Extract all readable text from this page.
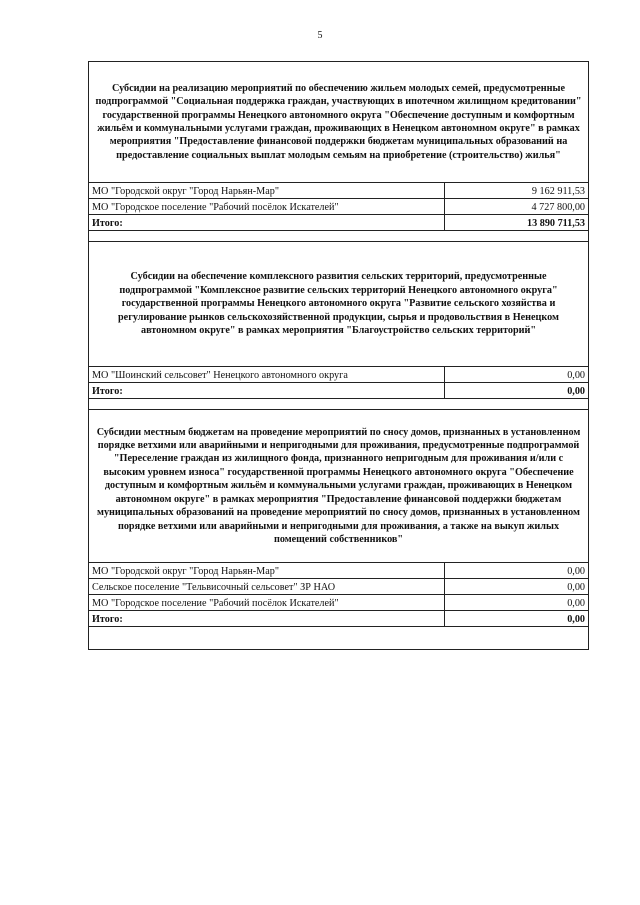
5
Субсидии на реализацию мероприятий по обеспечению жильем молодых семей, предусмотренные подпрограммой "Социальная поддержка граждан, участвующих в ипотечном жилищном кредитовании" государственной программы Ненецкого автономного округа "Обеспечение доступным и комфортным жильём и коммунальными услугами граждан, проживающих в Ненецком автономном округе" в рамках мероприятия "Предоставление финансовой поддержки бюджетам муниципальных образований на предоставление социальных выплат молодым семьям на приобретение (строительство) жилья"	
МО "Городской округ "Город Нарьян-Мар"	9 162 911,53
МО "Городское поселение "Рабочий посёлок Искателей"	4 727 800,00
Итого:	13 890 711,53

Субсидии на обеспечение комплексного развития сельских территорий, предусмотренные подпрограммой "Комплексное развитие сельских территорий Ненецкого автономного округа" государственной программы Ненецкого автономного округа "Развитие сельского хозяйства и регулирование рынков сельскохозяйственной продукции, сырья и продовольствия в Ненецком автономном округе" в рамках мероприятия "Благоустройство сельских территорий"	
МО "Шоинский сельсовет" Ненецкого автономного округа	0,00
Итого:	0,00

Субсидии местным бюджетам на проведение мероприятий по сносу домов, признанных в установленном порядке ветхими или аварийными и непригодными для проживания, предусмотренные подпрограммой "Переселение граждан из жилищного фонда, признанного непригодным для проживания и/или с высоким уровнем износа" государственной программы Ненецкого автономного округа "Обеспечение доступным и комфортным жильём и коммунальными услугами граждан, проживающих в Ненецком автономном округе" в рамках мероприятия "Предоставление финансовой поддержки бюджетам муниципальных образований на проведение мероприятий по сносу домов, признанных в установленном порядке ветхими или аварийными и непригодными для проживания, а также на выкуп жилых помещений собственников"	
МО "Городской округ "Город Нарьян-Мар"	0,00
Сельское поселение "Тельвисочный сельсовет" ЗР НАО	0,00
МО "Городское поселение "Рабочий посёлок Искателей"	0,00
Итого:	0,00
